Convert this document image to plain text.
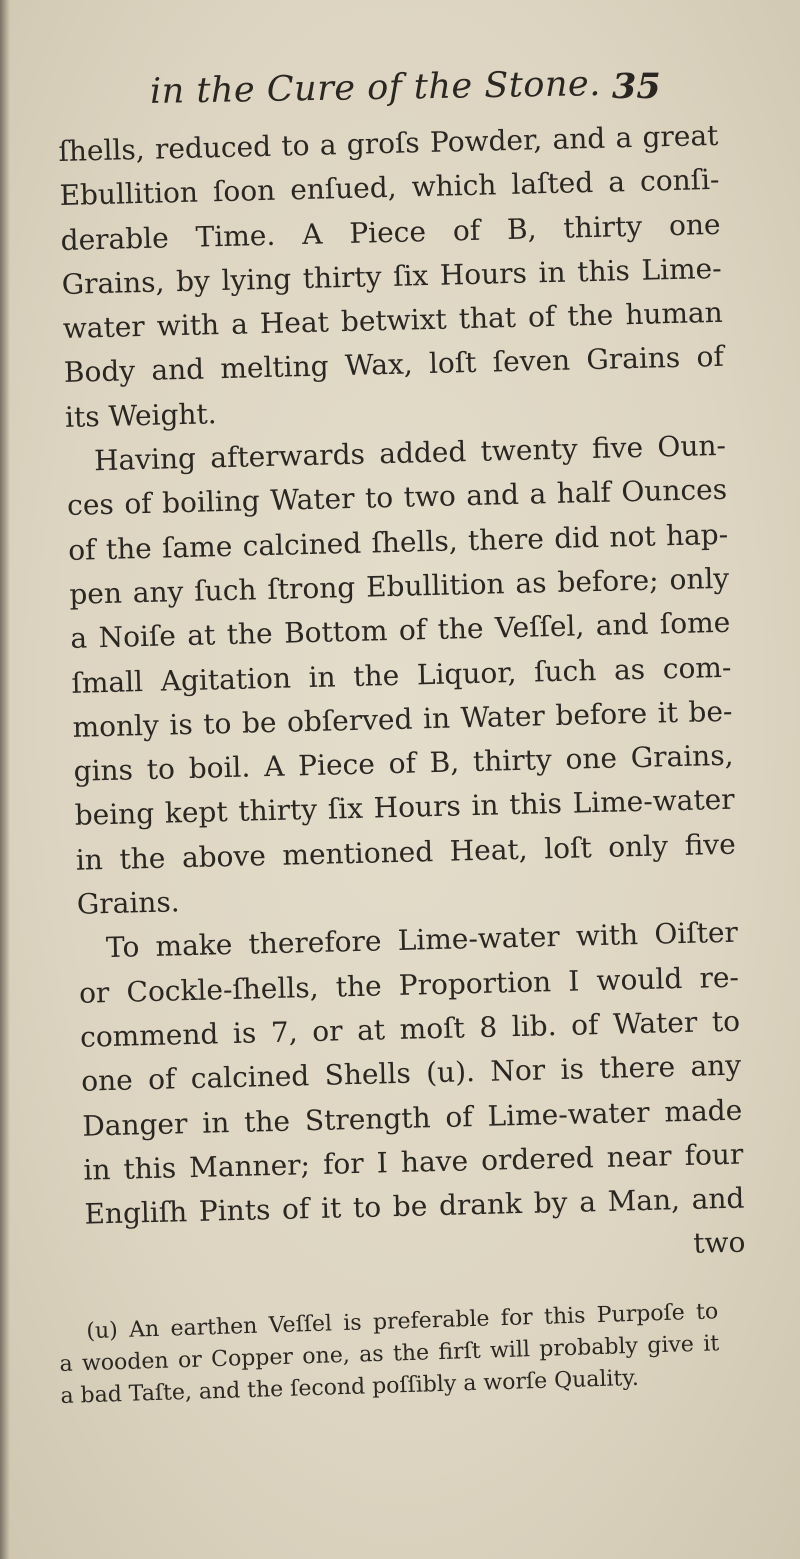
in the Cure of the Stone. 35
ſhells, reduced to a groſs Powder, and a great
Ebullition ſoon enſued, which laſted a conſi-
derable Time. A Piece of B, thirty one
Grains, by lying thirty ſix Hours in this Lime-
water with a Heat betwixt that of the human
Body and melting Wax, loſt ſeven Grains of
its Weight.
Having afterwards added twenty five Oun-
ces of boiling Water to two and a half Ounces
of the ſame calcined ſhells, there did not hap-
pen any ſuch ſtrong Ebullition as before; only
a Noiſe at the Bottom of the Veſſel, and ſome
ſmall Agitation in the Liquor, ſuch as com-
monly is to be obſerved in Water before it be-
gins to boil. A Piece of B, thirty one Grains,
being kept thirty ſix Hours in this Lime-water
in the above mentioned Heat, loſt only five
Grains.
To make therefore Lime-water with Oiſter
or Cockle-ſhells, the Proportion I would re-
commend is 7, or at moſt 8 lib. of Water to
one of calcined Shells (u). Nor is there any
Danger in the Strength of Lime-water made
in this Manner; for I have ordered near four
Engliſh Pints of it to be drank by a Man, and
two
(u) An earthen Veſſel is preferable for this Purpoſe to
a wooden or Copper one, as the firſt will probably give it
a bad Taſte, and the ſecond poſſibly a worſe Quality.
